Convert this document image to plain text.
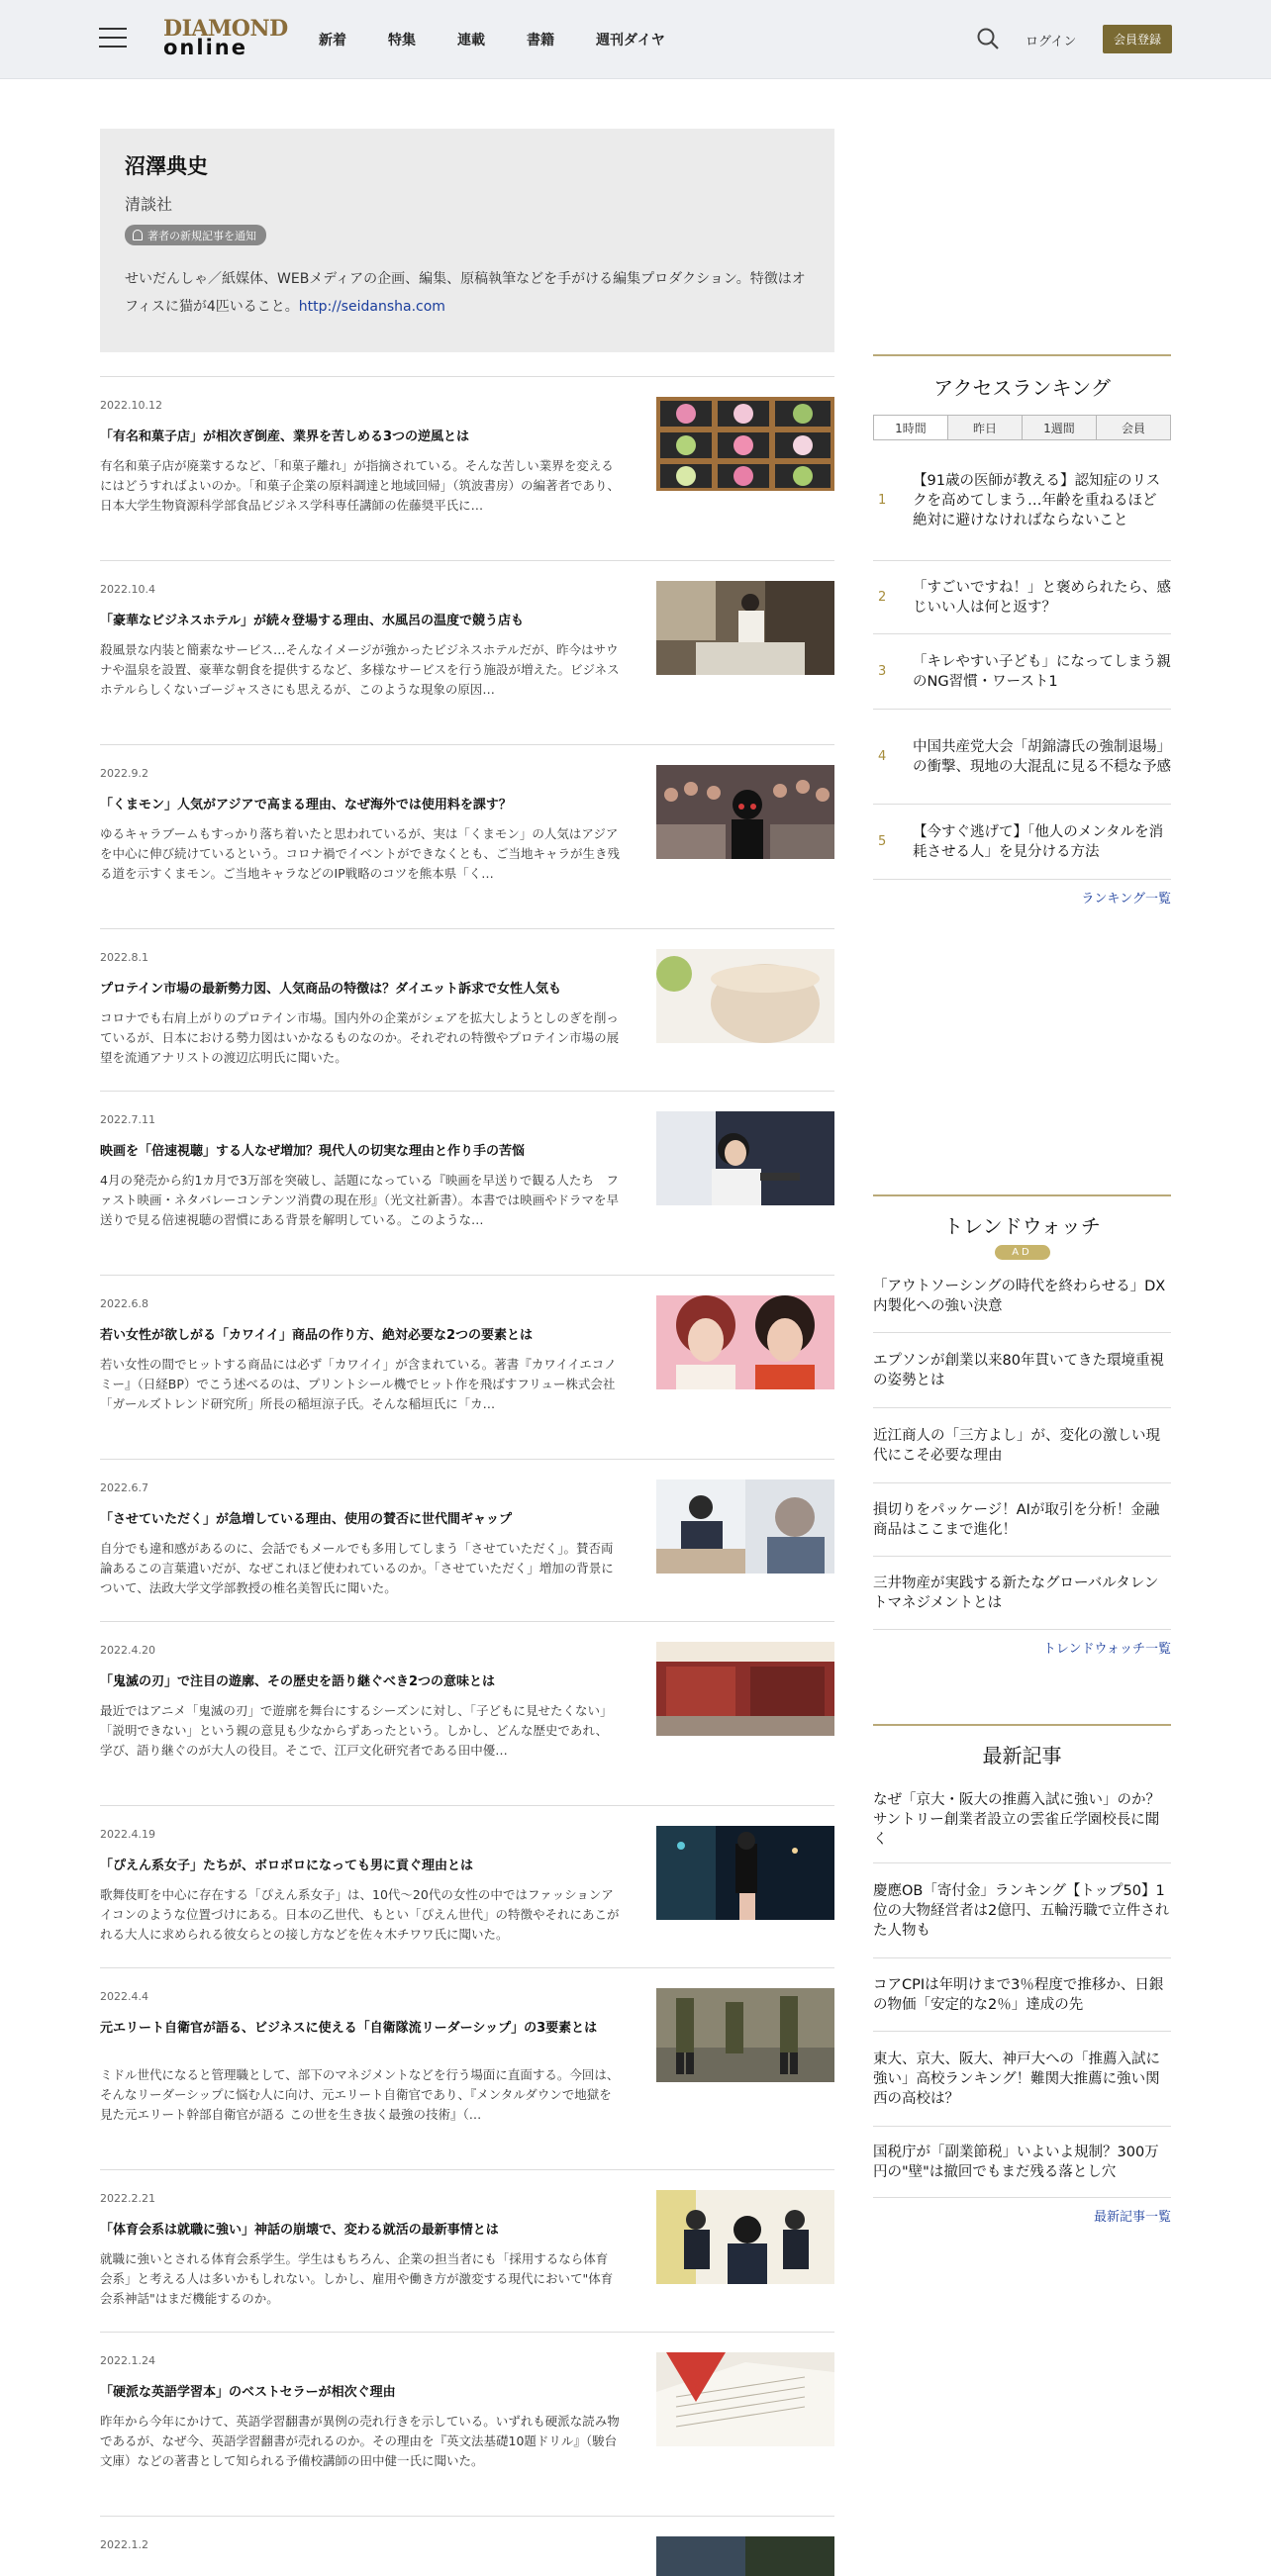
DIAMOND
online	新着	特集	連載	書籍	週刊ダイヤ	ログイン	会員登録
沼澤典史
清談社
著者の新規記事を通知
せいだんしゃ／紙媒体、WEBメディアの企画、編集、原稿執筆などを手がける編集プロダクション。特徴はオフィスに猫が4匹いること。http://seidansha.com
2022.10.12
「有名和菓子店」が相次ぎ倒産、業界を苦しめる3つの逆風とは
有名和菓子店が廃業するなど、「和菓子離れ」が指摘されている。そんな苦しい業界を変えるにはどうすればよいのか。「和菓子企業の原料調達と地域回帰」（筑波書房）の編著者であり、日本大学生物資源科学部食品ビジネス学科専任講師の佐藤奨平氏に…
2022.10.4
「豪華なビジネスホテル」が続々登場する理由、水風呂の温度で競う店も
殺風景な内装と簡素なサービス…そんなイメージが強かったビジネスホテルだが、昨今はサウナや温泉を設置、豪華な朝食を提供するなど、多様なサービスを行う施設が増えた。ビジネスホテルらしくないゴージャスさにも思えるが、このような現象の原因…
2022.9.2
「くまモン」人気がアジアで高まる理由、なぜ海外では使用料を課す？
ゆるキャラブームもすっかり落ち着いたと思われているが、実は「くまモン」の人気はアジアを中心に伸び続けているという。コロナ禍でイベントができなくとも、ご当地キャラが生き残る道を示すくまモン。ご当地キャラなどのIP戦略のコツを熊本県「く…
2022.8.1
プロテイン市場の最新勢力図、人気商品の特徴は？ダイエット訴求で女性人気も
コロナでも右肩上がりのプロテイン市場。国内外の企業がシェアを拡大しようとしのぎを削っているが、日本における勢力図はいかなるものなのか。それぞれの特徴やプロテイン市場の展望を流通アナリストの渡辺広明氏に聞いた。
2022.7.11
映画を「倍速視聴」する人なぜ増加？現代人の切実な理由と作り手の苦悩
4月の発売から約1カ月で3万部を突破し、話題になっている『映画を早送りで観る人たち　ファスト映画・ネタバレーコンテンツ消費の現在形』（光文社新書）。本書では映画やドラマを早送りで見る倍速視聴の習慣にある背景を解明している。このような…
2022.6.8
若い女性が欲しがる「カワイイ」商品の作り方、絶対必要な2つの要素とは
若い女性の間でヒットする商品には必ず「カワイイ」が含まれている。著書『カワイイエコノミー』（日経BP）でこう述べるのは、プリントシール機でヒット作を飛ばすフリュー株式会社「ガールズトレンド研究所」所長の稲垣涼子氏。そんな稲垣氏に「カ…
2022.6.7
「させていただく」が急増している理由、使用の賛否に世代間ギャップ
自分でも違和感があるのに、会話でもメールでも多用してしまう「させていただく」。賛否両論あるこの言葉遣いだが、なぜこれほど使われているのか。「させていただく」増加の背景について、法政大学文学部教授の椎名美智氏に聞いた。
2022.4.20
「鬼滅の刃」で注目の遊廓、その歴史を語り継ぐべき2つの意味とは
最近ではアニメ「鬼滅の刃」で遊廓を舞台にするシーズンに対し、「子どもに見せたくない」「説明できない」という親の意見も少なからずあったという。しかし、どんな歴史であれ、学び、語り継ぐのが大人の役目。そこで、江戸文化研究者である田中優…
2022.4.19
「ぴえん系女子」たちが、ボロボロになっても男に貢ぐ理由とは
歌舞伎町を中心に存在する「ぴえん系女子」は、10代～20代の女性の中ではファッションアイコンのような位置づけにある。日本の乙世代、もとい「ぴえん世代」の特徴やそれにあこがれる大人に求められる彼女らとの接し方などを佐々木チワワ氏に聞いた。
2022.4.4
元エリート自衛官が語る、ビジネスに使える「自衛隊流リーダーシップ」の3要素とは
ミドル世代になると管理職として、部下のマネジメントなどを行う場面に直面する。今回は、そんなリーダーシップに悩む人に向け、元エリート自衛官であり、『メンタルダウンで地獄を見た元エリート幹部自衛官が語る この世を生き抜く最強の技術』（…
2022.2.21
「体育会系は就職に強い」神話の崩壊で、変わる就活の最新事情とは
就職に強いとされる体育会系学生。学生はもちろん、企業の担当者にも「採用するなら体育会系」と考える人は多いかもしれない。しかし、雇用や働き方が激変する現代において"体育会系神話"はまだ機能するのか。
2022.1.24
「硬派な英語学習本」のベストセラーが相次ぐ理由
昨年から今年にかけて、英語学習翻書が異例の売れ行きを示している。いずれも硬派な読み物であるが、なぜ今、英語学習翻書が売れるのか。その理由を『英文法基礎10題ドリル』（駿台文庫）などの著書として知られる予備校講師の田中健一氏に聞いた。
2022.1.2
アクセスランキング
1時間	昨日	1週間	会員
1
【91歳の医師が教える】認知症のリスクを高めてしまう…年齢を重ねるほど 絶対に避けなければならないこと
2
「すごいですね！」と褒められたら、感じいい人は何と返す？
3
「キレやすい子ども」になってしまう親のNG習慣・ワースト1
4
中国共産党大会「胡錦濤氏の強制退場」の衝撃、現地の大混乱に見る不穏な予感
5
【今すぐ逃げて】「他人のメンタルを消耗させる人」を見分ける方法
ランキング一覧
トレンドウォッチ
AD
「アウトソーシングの時代を終わらせる」DX内製化への強い決意
エプソンが創業以来80年貫いてきた環境重視の姿勢とは
近江商人の「三方よし」が、変化の激しい現代にこそ必要な理由
損切りをパッケージ！AIが取引を分析！金融商品はここまで進化！
三井物産が実践する新たなグローバルタレントマネジメントとは
トレンドウォッチ一覧
最新記事
なぜ「京大・阪大の推薦入試に強い」のか？サントリー創業者設立の雲雀丘学園校長に聞く
慶應OB「寄付金」ランキング【トップ50】1位の大物経営者は2億円、五輪汚職で立件された人物も
コアCPIは年明けまで3％程度で推移か、日銀の物価「安定的な2％」達成の先
東大、京大、阪大、神戸大への「推薦入試に強い」高校ランキング！難関大推薦に強い関西の高校は？
国税庁が「副業節税」いよいよ規制？300万円の"壁"は撤回でもまだ残る落とし穴
最新記事一覧
